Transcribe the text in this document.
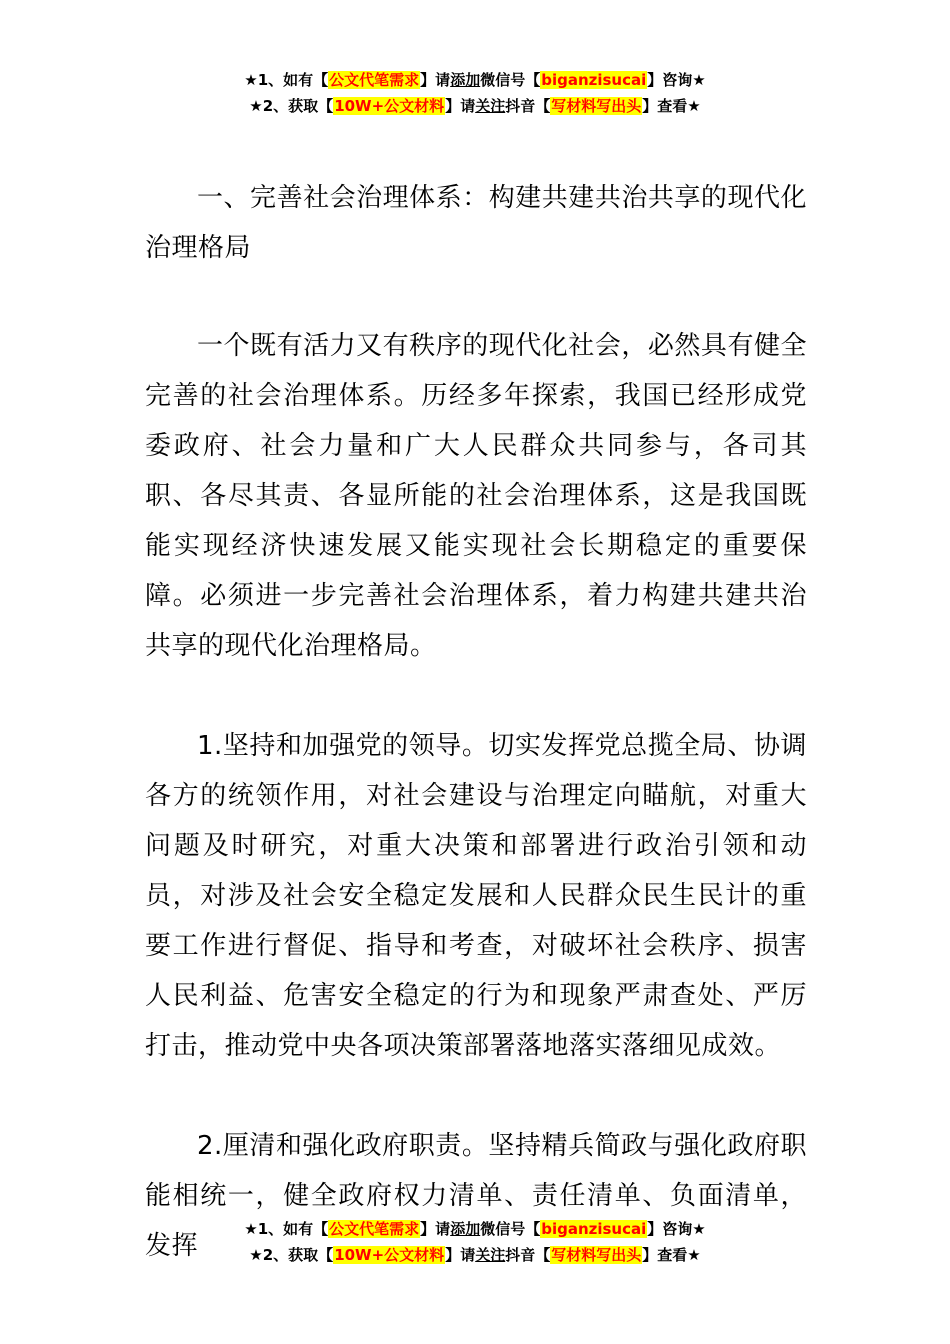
★1、如有【公文代笔需求】请添加微信号【biganzisucai】咨询★
★2、获取【10W+公文材料】请关注抖音【写材料写出头】查看★

一、完善社会治理体系：构建共建共治共享的现代化治理格局

一个既有活力又有秩序的现代化社会，必然具有健全完善的社会治理体系。历经多年探索，我国已经形成党委政府、社会力量和广大人民群众共同参与，各司其职、各尽其责、各显所能的社会治理体系，这是我国既能实现经济快速发展又能实现社会长期稳定的重要保障。必须进一步完善社会治理体系，着力构建共建共治共享的现代化治理格局。

1.坚持和加强党的领导。切实发挥党总揽全局、协调各方的统领作用，对社会建设与治理定向瞄航，对重大问题及时研究，对重大决策和部署进行政治引领和动员，对涉及社会安全稳定发展和人民群众民生民计的重要工作进行督促、指导和考查，对破坏社会秩序、损害人民利益、危害安全稳定的行为和现象严肃查处、严厉打击，推动党中央各项决策部署落地落实落细见成效。

2.厘清和强化政府职责。坚持精兵简政与强化政府职能相统一，健全政府权力清单、责任清单、负面清单，发挥

★1、如有【公文代笔需求】请添加微信号【biganzisucai】咨询★
★2、获取【10W+公文材料】请关注抖音【写材料写出头】查看★
